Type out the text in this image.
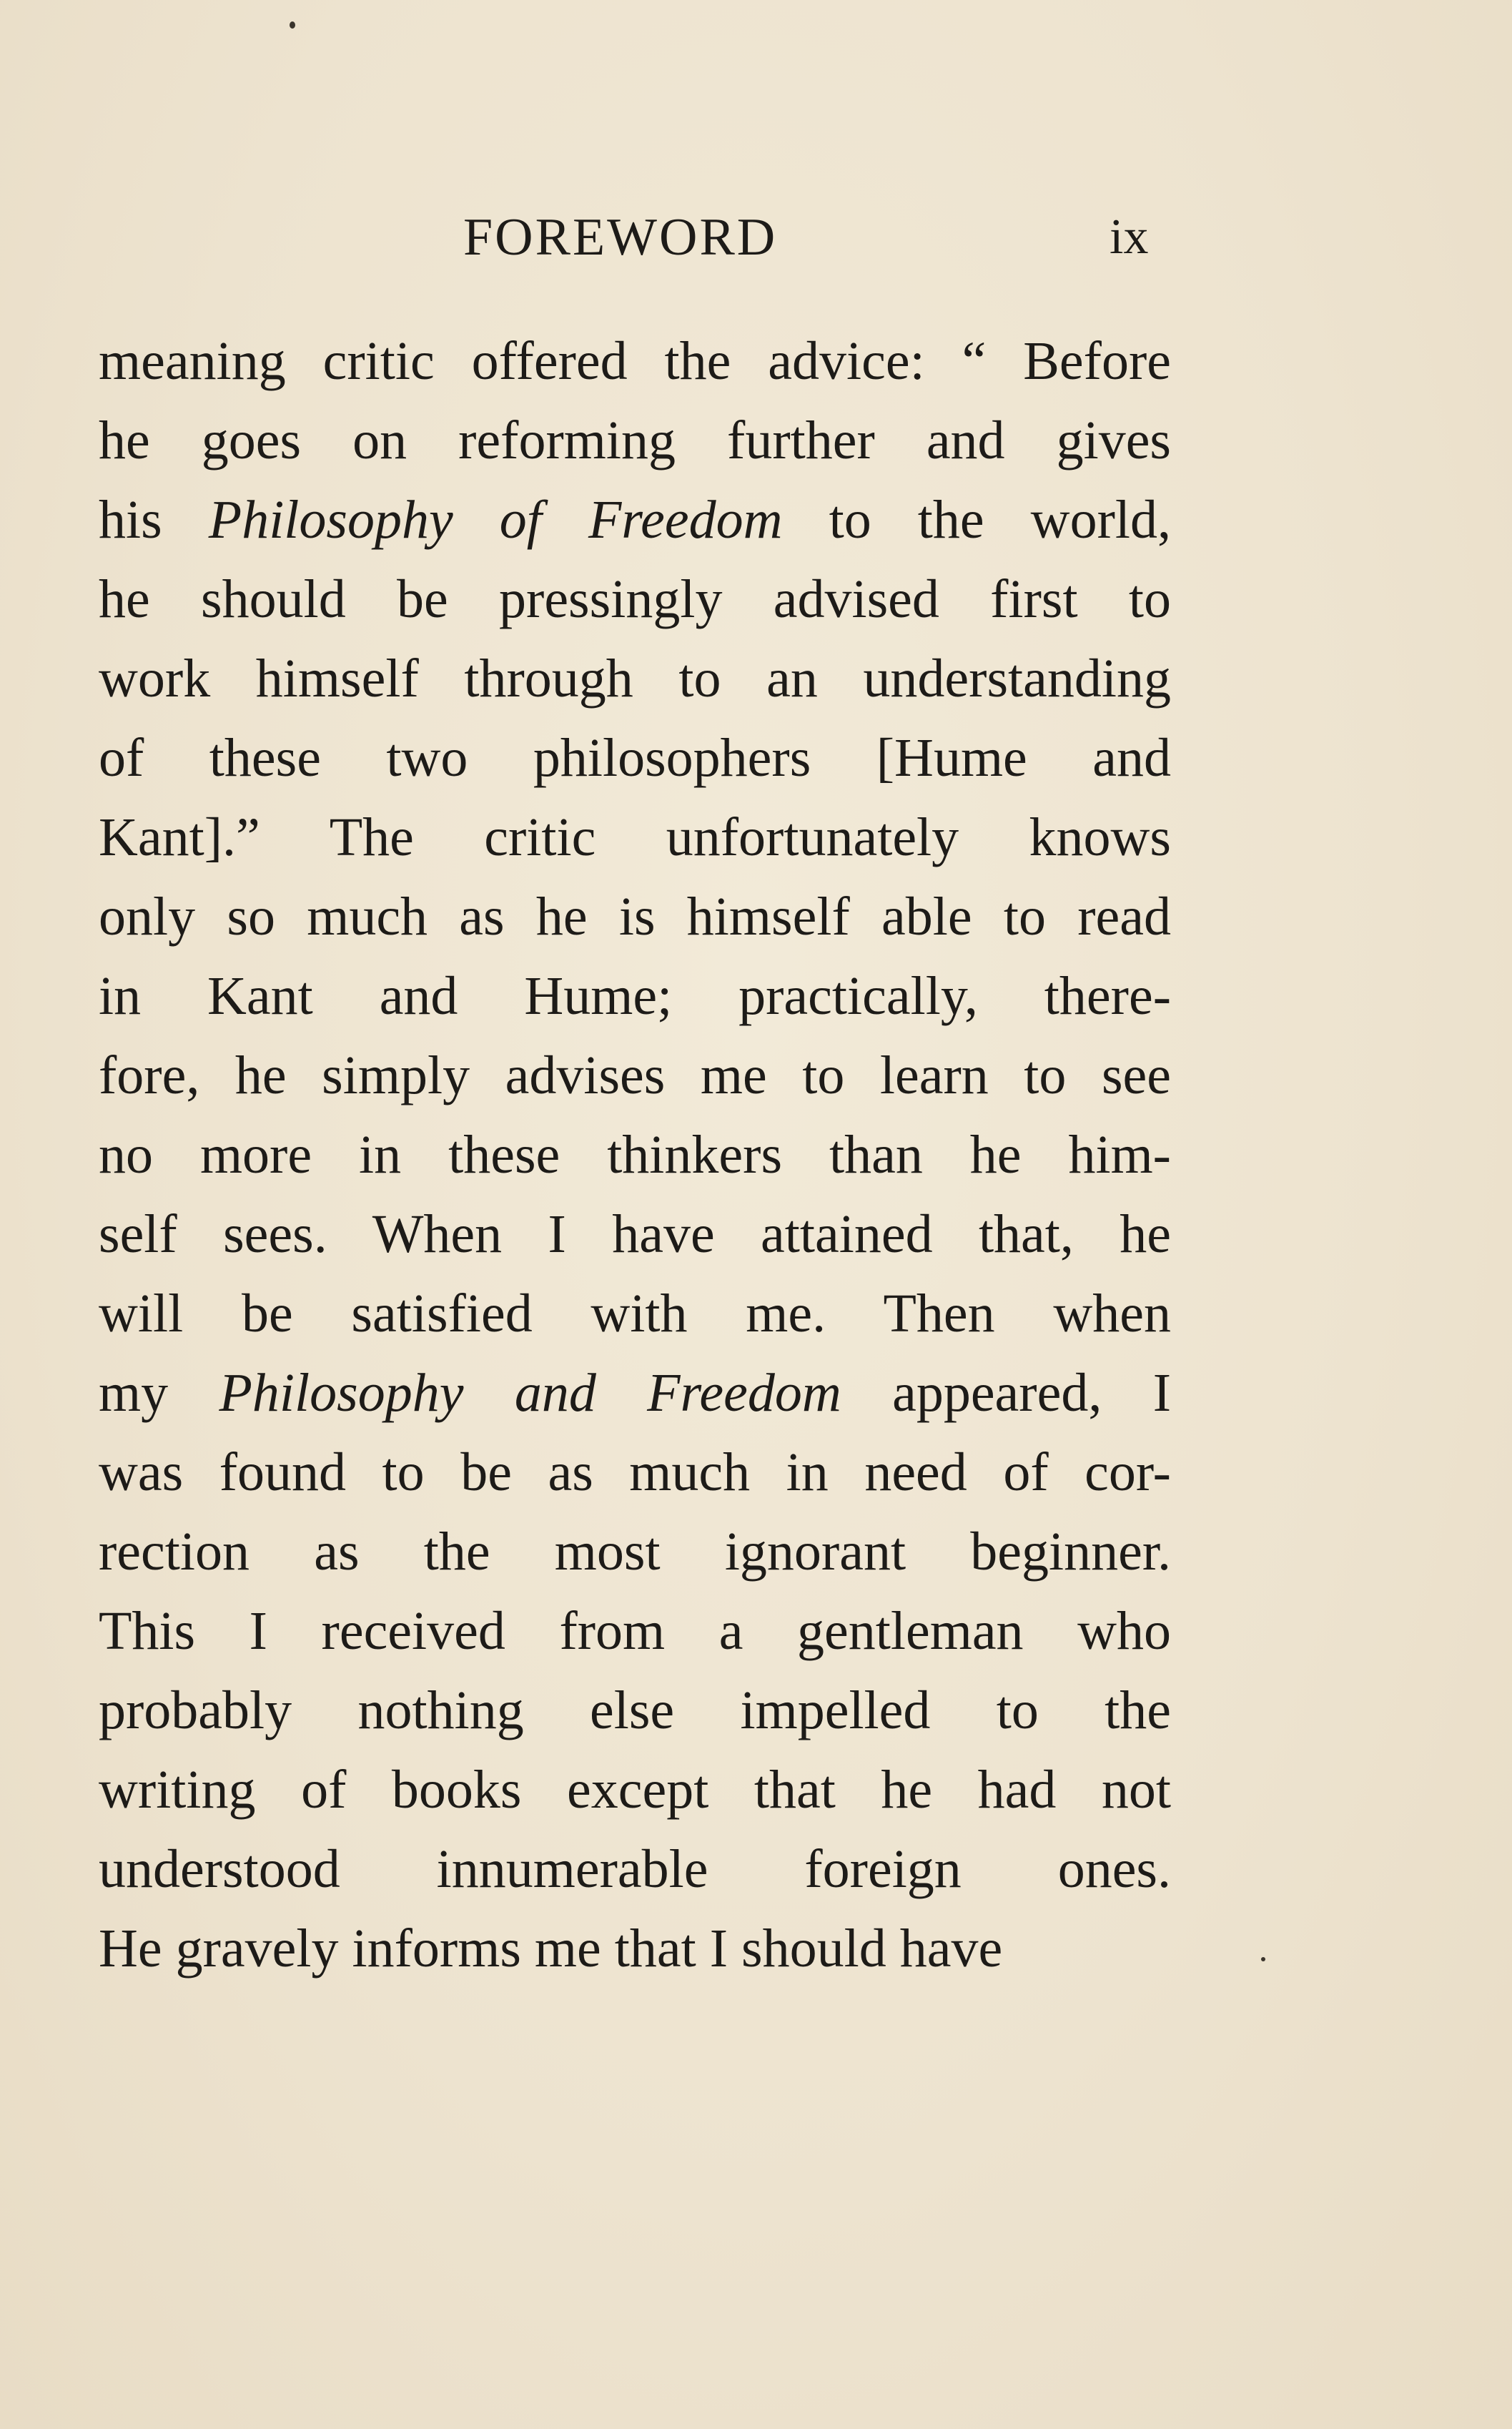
FOREWORD	ix
meaning critic offered the advice: “ Before
he goes on reforming further and gives
his Philosophy of Freedom to the world,
he should be pressingly advised first to
work himself through to an understanding
of these two philosophers [Hume and
Kant].” The critic unfortunately knows
only so much as he is himself able to read
in Kant and Hume; practically, there-
fore, he simply advises me to learn to see
no more in these thinkers than he him-
self sees. When I have attained that, he
will be satisfied with me. Then when
my Philosophy and Freedom appeared, I
was found to be as much in need of cor-
rection as the most ignorant beginner.
This I received from a gentleman who
probably nothing else impelled to the
writing of books except that he had not
understood innumerable foreign ones.
He gravely informs me that I should have
